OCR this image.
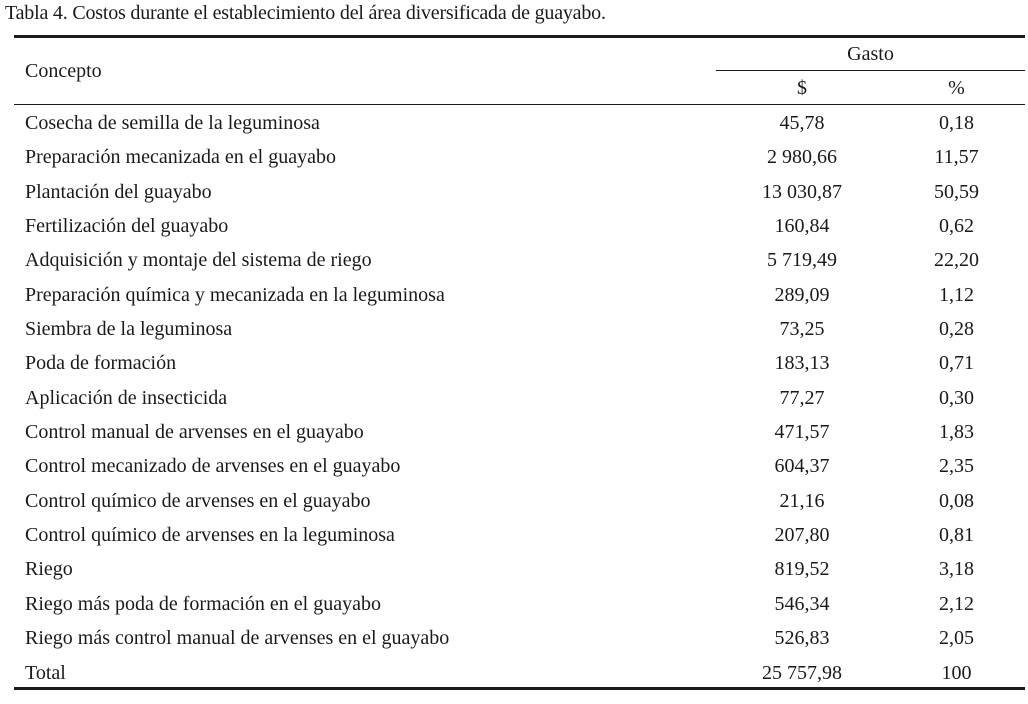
Tabla 4. Costos durante el establecimiento del área diversificada de guayabo.
Concepto
Gasto
$	%
Cosecha de semilla de la leguminosa	45,78	0,18
Preparación mecanizada en el guayabo	2 980,66	11,57
Plantación del guayabo	13 030,87	50,59
Fertilización del guayabo	160,84	0,62
Adquisición y montaje del sistema de riego	5 719,49	22,20
Preparación química y mecanizada en la leguminosa	289,09	1,12
Siembra de la leguminosa	73,25	0,28
Poda de formación	183,13	0,71
Aplicación de insecticida	77,27	0,30
Control manual de arvenses en el guayabo	471,57	1,83
Control mecanizado de arvenses en el guayabo	604,37	2,35
Control químico de arvenses en el guayabo	21,16	0,08
Control químico de arvenses en la leguminosa	207,80	0,81
Riego	819,52	3,18
Riego más poda de formación en el guayabo	546,34	2,12
Riego más control manual de arvenses en el guayabo	526,83	2,05
Total	25 757,98	100
